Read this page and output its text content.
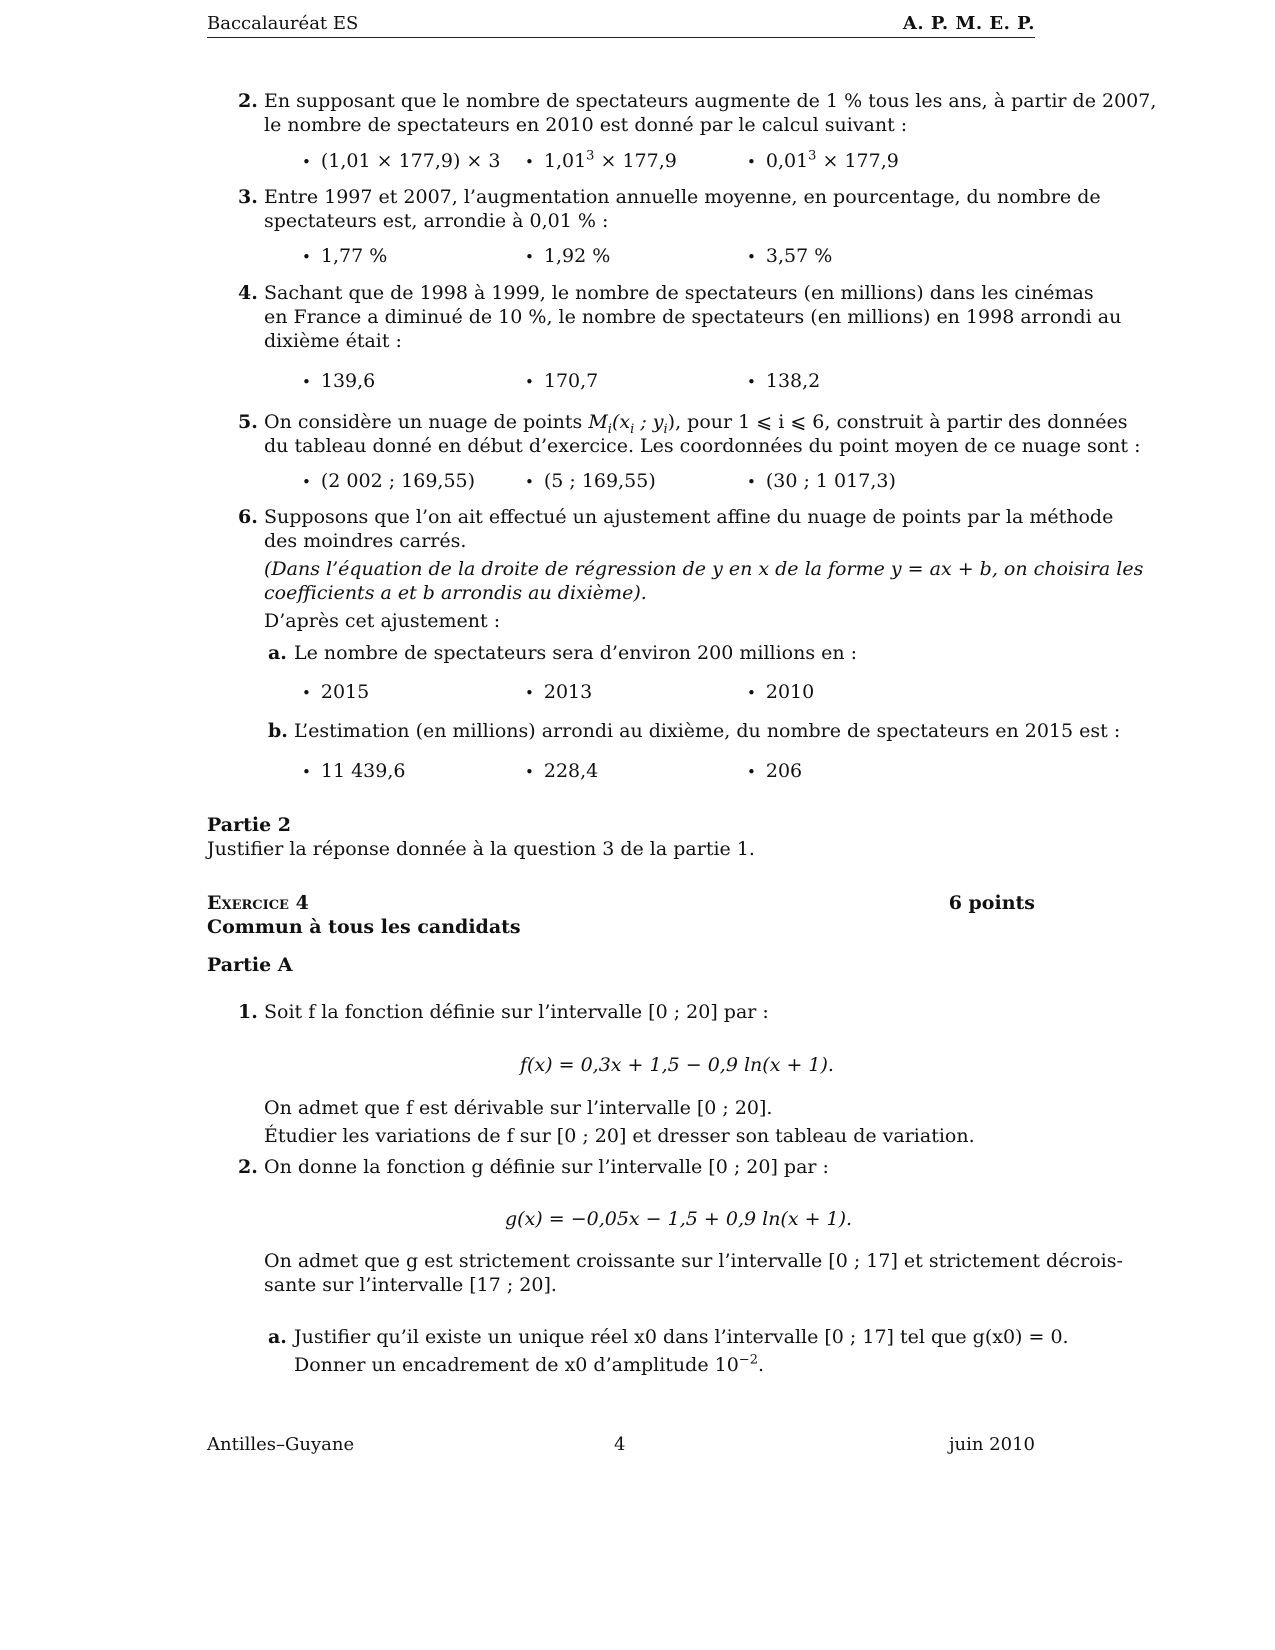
Baccalauréat ES	A. P. M. E. P.
2. En supposant que le nombre de spectateurs augmente de 1 % tous les ans, à partir de 2007,
le nombre de spectateurs en 2010 est donné par le calcul suivant :
• (1,01 × 177,9) × 3	• $1,01^3 \times 177,9$	• $0,01^3 \times 177,9$
3. Entre 1997 et 2007, l’augmentation annuelle moyenne, en pourcentage, du nombre de
spectateurs est, arrondie à 0,01 % :
• 1,77 %	• 1,92 %	• 3,57 %
4. Sachant que de 1998 à 1999, le nombre de spectateurs (en millions) dans les cinémas
en France a diminué de 10 %, le nombre de spectateurs (en millions) en 1998 arrondi au
dixième était :
• 139,6	• 170,7	• 138,2
5. On considère un nuage de points $M_i(x_i$ ; $y_i$), pour 1 ⩽ i ⩽ 6, construit à partir des données
du tableau donné en début d’exercice. Les coordonnées du point moyen de ce nuage sont :
• (2 002 ; 169,55)	• (5 ; 169,55)	• (30 ; 1 017,3)
6. Supposons que l’on ait effectué un ajustement affine du nuage de points par la méthode
des moindres carrés.
(Dans l’équation de la droite de régression de y en x de la forme y = ax + b, on choisira les
coefficients a et b arrondis au dixième).
D’après cet ajustement :
a. Le nombre de spectateurs sera d’environ 200 millions en :
• 2015	• 2013	• 2010
b. L’estimation (en millions) arrondi au dixième, du nombre de spectateurs en 2015 est :
• 11 439,6	• 228,4	• 206
Partie 2
Justifier la réponse donnée à la question 3 de la partie 1.
Exercice 4	6 points
Commun à tous les candidats
Partie A
1. Soit f la fonction définie sur l’intervalle [0 ; 20] par :
f(x) = 0,3x + 1,5 − 0,9 ln(x + 1).
On admet que f est dérivable sur l’intervalle [0 ; 20].
Étudier les variations de f sur [0 ; 20] et dresser son tableau de variation.
2. On donne la fonction g définie sur l’intervalle [0 ; 20] par :
g(x) = −0,05x − 1,5 + 0,9 ln(x + 1).
On admet que g est strictement croissante sur l’intervalle [0 ; 17] et strictement décrois-
sante sur l’intervalle [17 ; 20].
a. Justifier qu’il existe un unique réel x0 dans l’intervalle [0 ; 17] tel que g(x0) = 0.
Donner un encadrement de x0 d’amplitude $10^{-2}$.
Antilles–Guyane	4	juin 2010
